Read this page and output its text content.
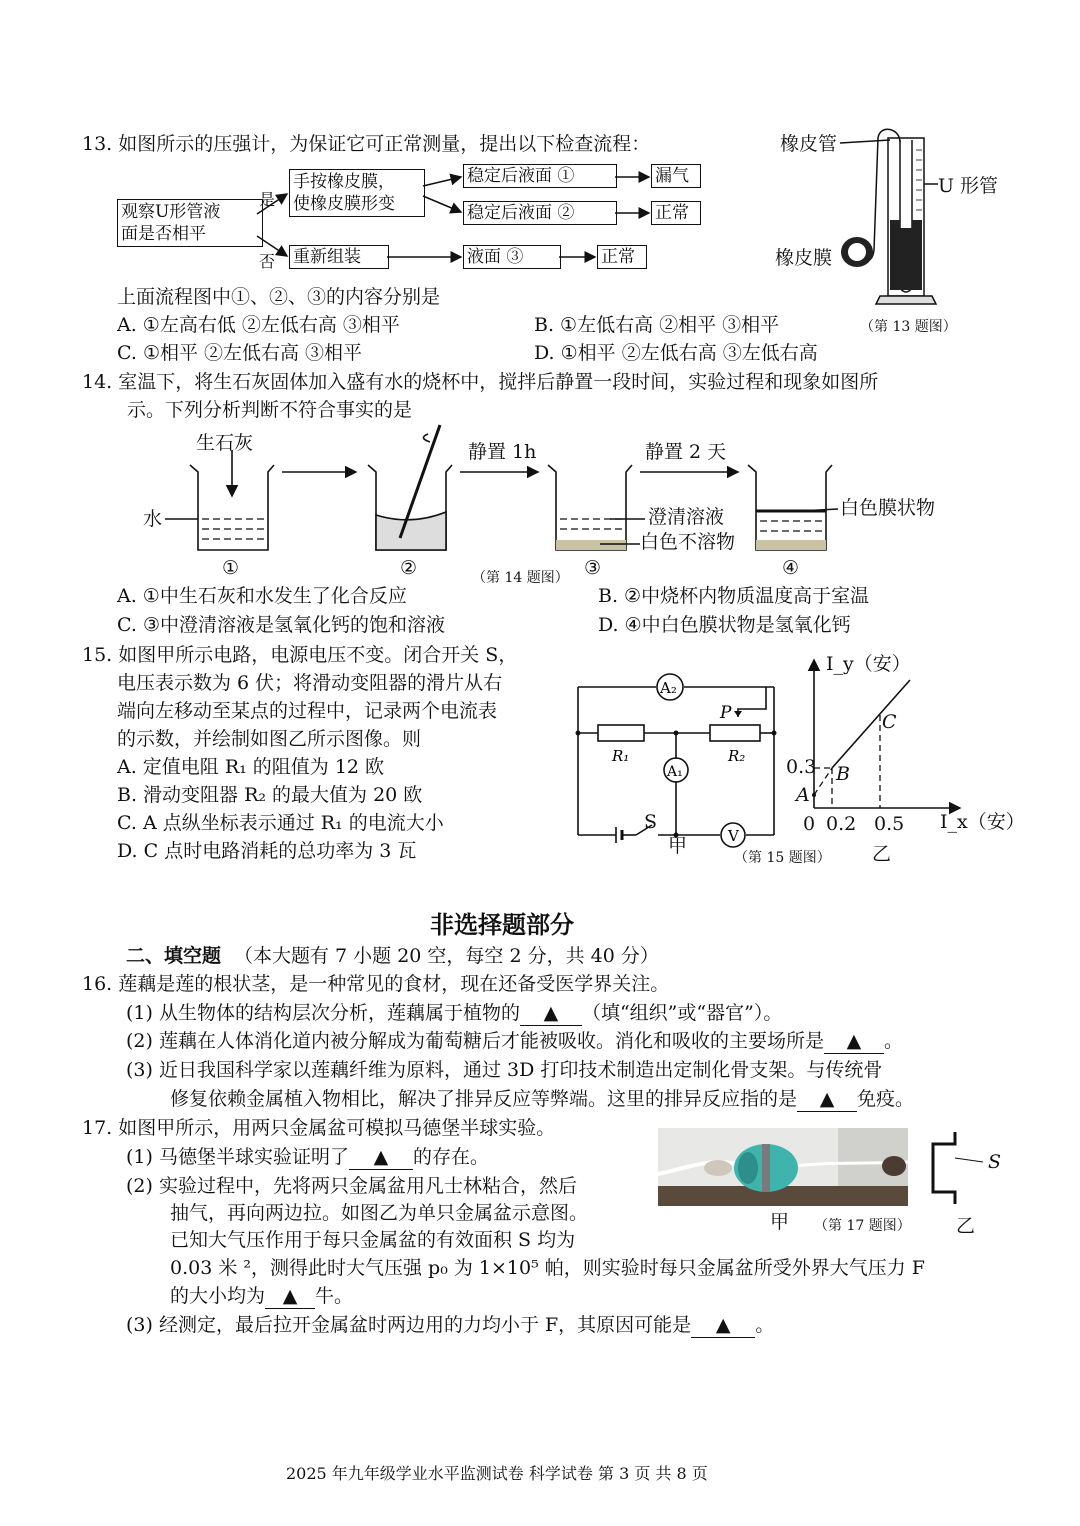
13. 如图所示的压强计，为保证它可正常测量，提出以下检查流程：
观察U形管液
面是否相平
手按橡皮膜，
使橡皮膜形变
稳定后液面 ①
稳定后液面 ②
漏气
正常
重新组装	液面 ③	正常
是
否
橡皮管
U 形管
橡皮膜
（第 13 题图）
上面流程图中①、②、③的内容分别是
A. ①左高右低 ②左低右高 ③相平	B. ①左低右高 ②相平 ③相平
C. ①相平 ②左低右高 ③相平	D. ①相平 ②左低右高 ③左低右高
14. 室温下，将生石灰固体加入盛有水的烧杯中，搅拌后静置一段时间，实验过程和现象如图所
示。下列分析判断不符合事实的是
生石灰
水
静置 1h	静置 2 天
澄清溶液
白色不溶物
白色膜状物
①	②	③	④
（第 14 题图）
A. ①中生石灰和水发生了化合反应	B. ②中烧杯内物质温度高于室温
C. ③中澄清溶液是氢氧化钙的饱和溶液	D. ④中白色膜状物是氢氧化钙
15. 如图甲所示电路，电源电压不变。闭合开关 S，
电压表示数为 6 伏；将滑动变阻器的滑片从右
端向左移动至某点的过程中，记录两个电流表
的示数，并绘制如图乙所示图像。则
A. 定值电阻 R₁ 的阻值为 12 欧
B. 滑动变阻器 R₂ 的最大值为 20 欧
C. A 点纵坐标表示通过 R₁ 的电流大小
D. C 点时电路消耗的总功率为 3 瓦
A₂
A₁
V
R₁	R₂
P
S
甲
I_y（安）
I_x（安）
0.3
A
B
C
0 0.2 0.5
（第 15 题图） 乙
非选择题部分
二、填空题 （本大题有 7 小题 20 空，每空 2 分，共 40 分）
16. 莲藕是莲的根状茎，是一种常见的食材，现在还备受医学界关注。
(1) 从生物体的结构层次分析，莲藕属于植物的 ▲ （填“组织”或“器官”）。
(2) 莲藕在人体消化道内被分解成为葡萄糖后才能被吸收。消化和吸收的主要场所是 ▲ 。
(3) 近日我国科学家以莲藕纤维为原料，通过 3D 打印技术制造出定制化骨支架。与传统骨
修复依赖金属植入物相比，解决了排异反应等弊端。这里的排异反应指的是 ▲ 免疫。
17. 如图甲所示，用两只金属盆可模拟马德堡半球实验。
(1) 马德堡半球实验证明了 ▲ 的存在。
(2) 实验过程中，先将两只金属盆用凡士林粘合，然后
抽气，再向两边拉。如图乙为单只金属盆示意图。
已知大气压作用于每只金属盆的有效面积 S 均为
0.03 米 ²，测得此时大气压强 p₀ 为 1×10⁵ 帕，则实验时每只金属盆所受外界大气压力 F
的大小均为 ▲ 牛。
(3) 经测定，最后拉开金属盆时两边用的力均小于 F，其原因可能是 ▲ 。
S
甲 （第 17 题图） 乙
2025 年九年级学业水平监测试卷 科学试卷 第 3 页 共 8 页
